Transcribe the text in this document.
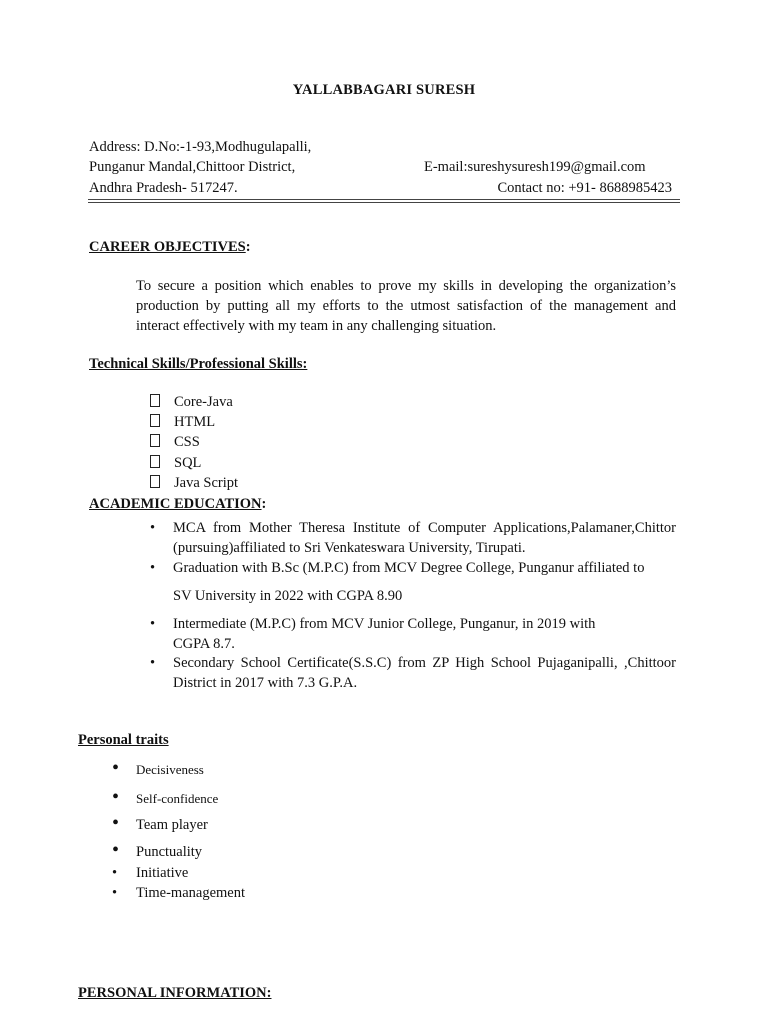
YALLABBAGARI SURESH
Address: D.No:-1-93,Modhugulapalli,
Punganur Mandal,Chittoor District,
Andhra Pradesh- 517247.
E-mail:sureshysuresh199@gmail.com
Contact no: +91- 8688985423
CAREER OBJECTIVES:
To secure a position which enables to prove my skills in developing the organization’s production by putting all my efforts to the utmost satisfaction of the management and interact effectively with my team in any challenging situation.
Technical Skills/Professional Skills:
Core-Java
HTML
CSS
SQL
Java Script
ACADEMIC EDUCATION:
• MCA from Mother Theresa Institute of Computer Applications,Palamaner,Chittor (pursuing)affiliated to Sri Venkateswara University, Tirupati.
• Graduation with B.Sc (M.P.C) from MCV Degree College, Punganur affiliated to
SV University in 2022 with CGPA 8.90
• Intermediate (M.P.C) from MCV Junior College, Punganur, in 2019 with
CGPA 8.7.
• Secondary School Certificate(S.S.C) from ZP High School Pujaganipalli, ,Chittoor District in 2017 with 7.3 G.P.A.
Personal traits
• Decisiveness
• Self-confidence
• Team player
• Punctuality
• Initiative
• Time-management
PERSONAL INFORMATION:
